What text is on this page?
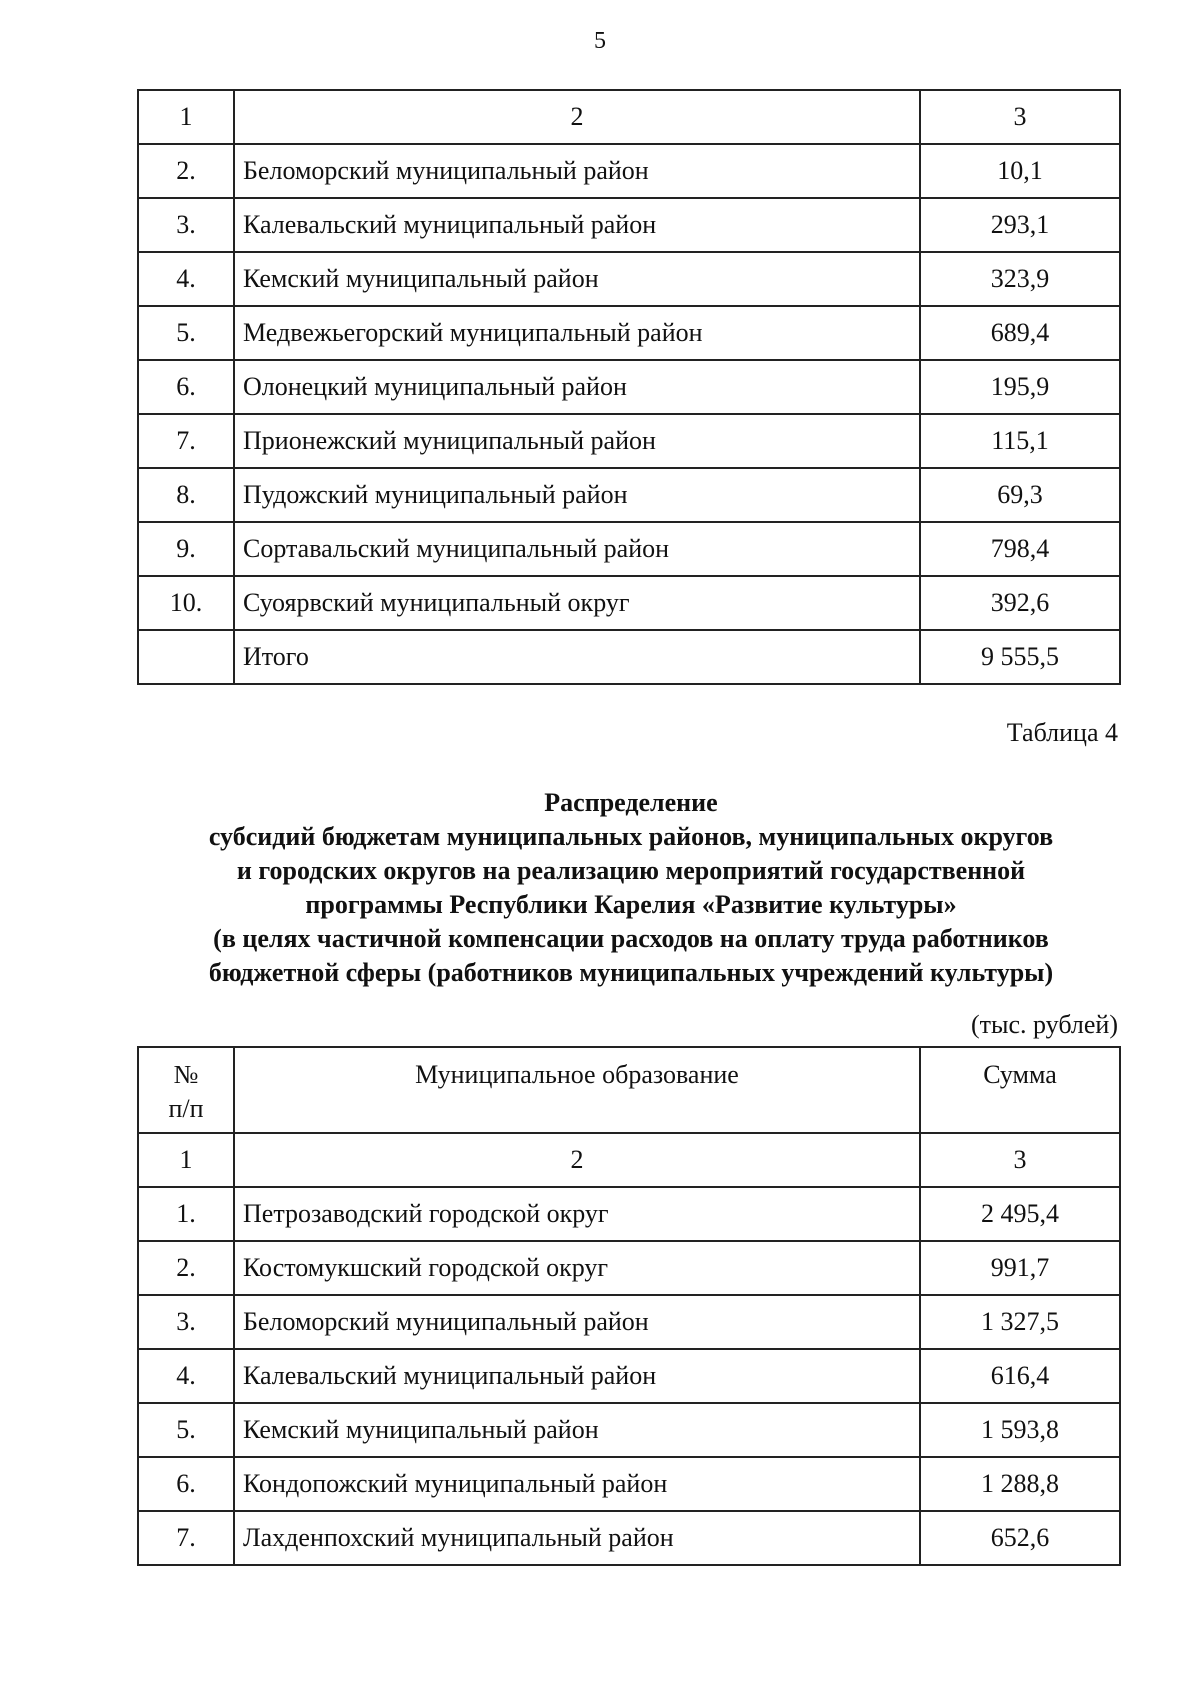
5
1	2	3
2.	Беломорский муниципальный район	10,1
3.	Калевальский муниципальный район	293,1
4.	Кемский муниципальный район	323,9
5.	Медвежьегорский муниципальный район	689,4
6.	Олонецкий муниципальный район	195,9
7.	Прионежский муниципальный район	115,1
8.	Пудожский муниципальный район	69,3
9.	Сортавальский муниципальный район	798,4
10.	Суоярвский муниципальный округ	392,6
	Итого	9 555,5
Таблица 4
Распределение
субсидий бюджетам муниципальных районов, муниципальных округов
и городских округов на реализацию мероприятий государственной
программы Республики Карелия «Развитие культуры»
(в целях частичной компенсации расходов на оплату труда работников
бюджетной сферы (работников муниципальных учреждений культуры)
(тыс. рублей)
№
п/п	Муниципальное образование	Сумма
1	2	3
1.	Петрозаводский городской округ	2 495,4
2.	Костомукшский городской округ	991,7
3.	Беломорский муниципальный район	1 327,5
4.	Калевальский муниципальный район	616,4
5.	Кемский муниципальный район	1 593,8
6.	Кондопожский муниципальный район	1 288,8
7.	Лахденпохский муниципальный район	652,6
